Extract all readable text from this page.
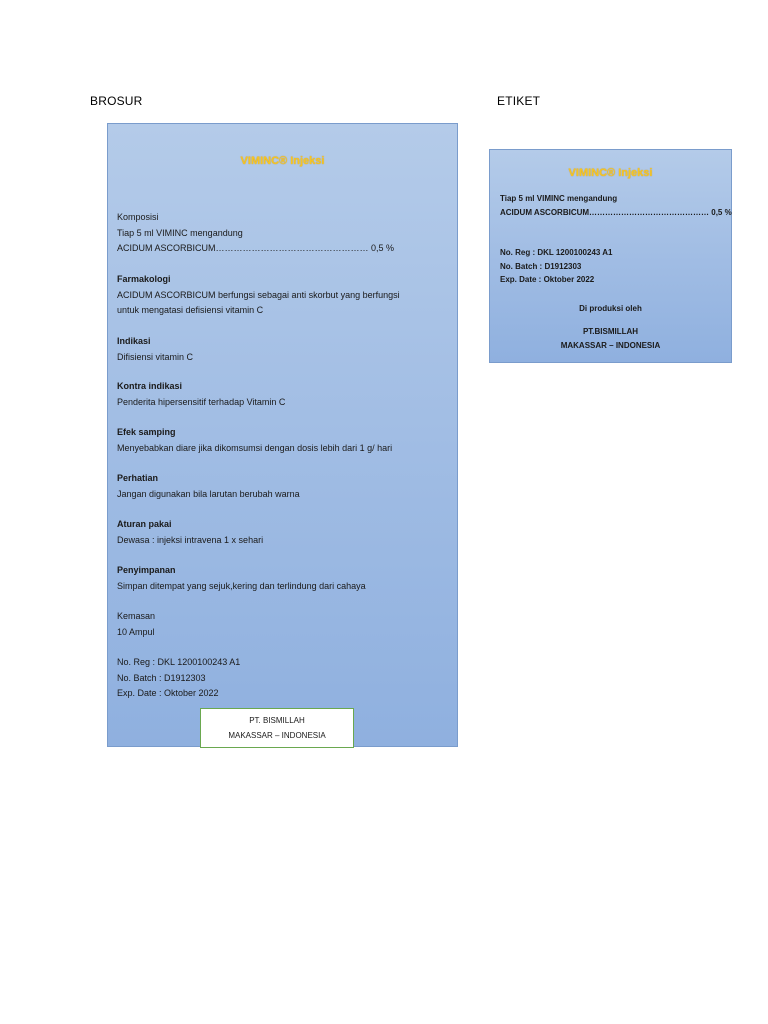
BROSUR	ETIKET
VIMINC® Injeksi
Komposisi
Tiap 5 ml VIMINC mengandung
ACIDUM ASCORBICUM…………………………………………… 0,5 %
Farmakologi
ACIDUM ASCORBICUM berfungsi sebagai anti skorbut yang berfungsi
untuk mengatasi defisiensi vitamin C
Indikasi
Difisiensi vitamin C
Kontra indikasi
Penderita hipersensitif terhadap Vitamin C
Efek samping
Menyebabkan diare jika dikomsumsi dengan dosis lebih dari 1 g/ hari
Perhatian
Jangan digunakan bila larutan berubah warna
Aturan pakai
Dewasa : injeksi intravena 1 x sehari
Penyimpanan
Simpan ditempat yang sejuk,kering dan terlindung dari cahaya
Kemasan
10 Ampul
No. Reg : DKL 1200100243 A1
No. Batch : D1912303
Exp. Date : Oktober 2022
PT. BISMILLAH
MAKASSAR – INDONESIA
VIMINC® Injeksi
Tiap 5 ml VIMINC mengandung
ACIDUM ASCORBICUM……………………………………… 0,5 %
No. Reg : DKL 1200100243 A1
No. Batch : D1912303
Exp. Date : Oktober 2022
Di produksi oleh
PT.BISMILLAH
MAKASSAR – INDONESIA
